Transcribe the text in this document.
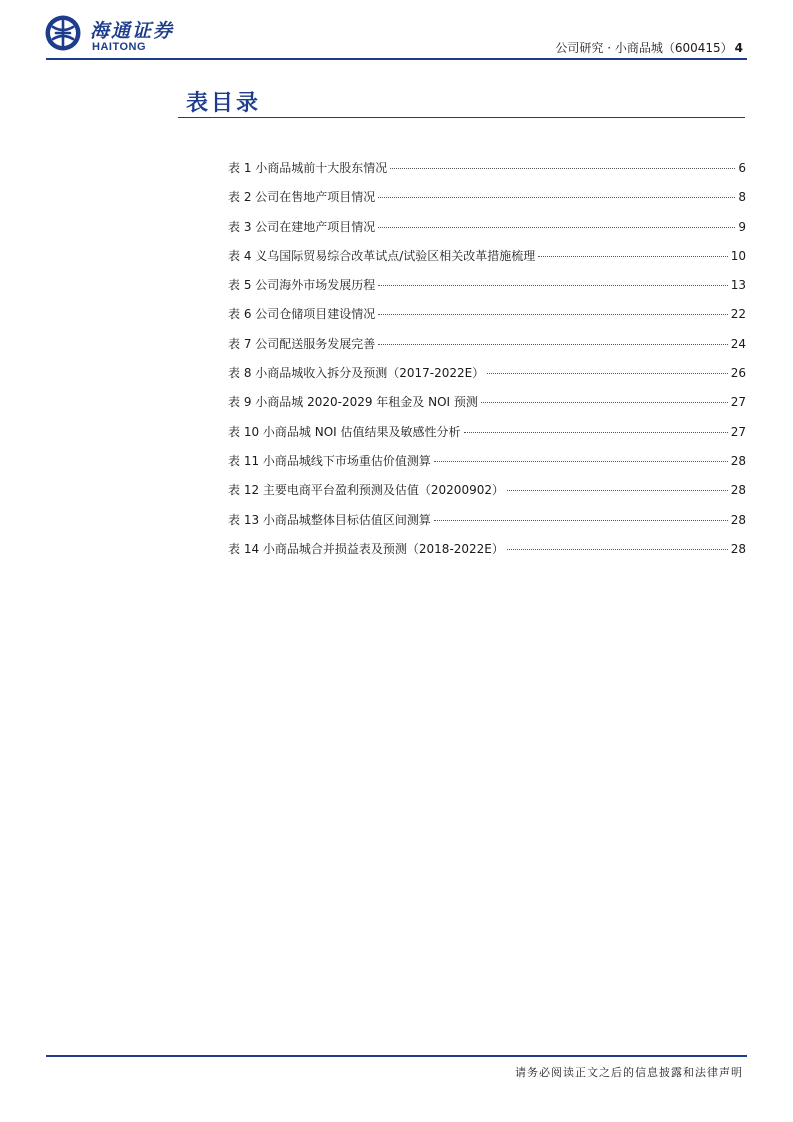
海通证券
HAITONG	公司研究 · 小商品城（600415） 4
表目录
表 1 小商品城前十大股东情况	6
表 2 公司在售地产项目情况	8
表 3 公司在建地产项目情况	9
表 4 义乌国际贸易综合改革试点/试验区相关改革措施梳理	10
表 5 公司海外市场发展历程	13
表 6 公司仓储项目建设情况	22
表 7 公司配送服务发展完善	24
表 8 小商品城收入拆分及预测（2017-2022E）	26
表 9 小商品城 2020-2029 年租金及 NOI 预测	27
表 10 小商品城 NOI 估值结果及敏感性分析	27
表 11 小商品城线下市场重估价值测算	28
表 12 主要电商平台盈利预测及估值（20200902）	28
表 13 小商品城整体目标估值区间测算	28
表 14 小商品城合并损益表及预测（2018-2022E）	28
请务必阅读正文之后的信息披露和法律声明
